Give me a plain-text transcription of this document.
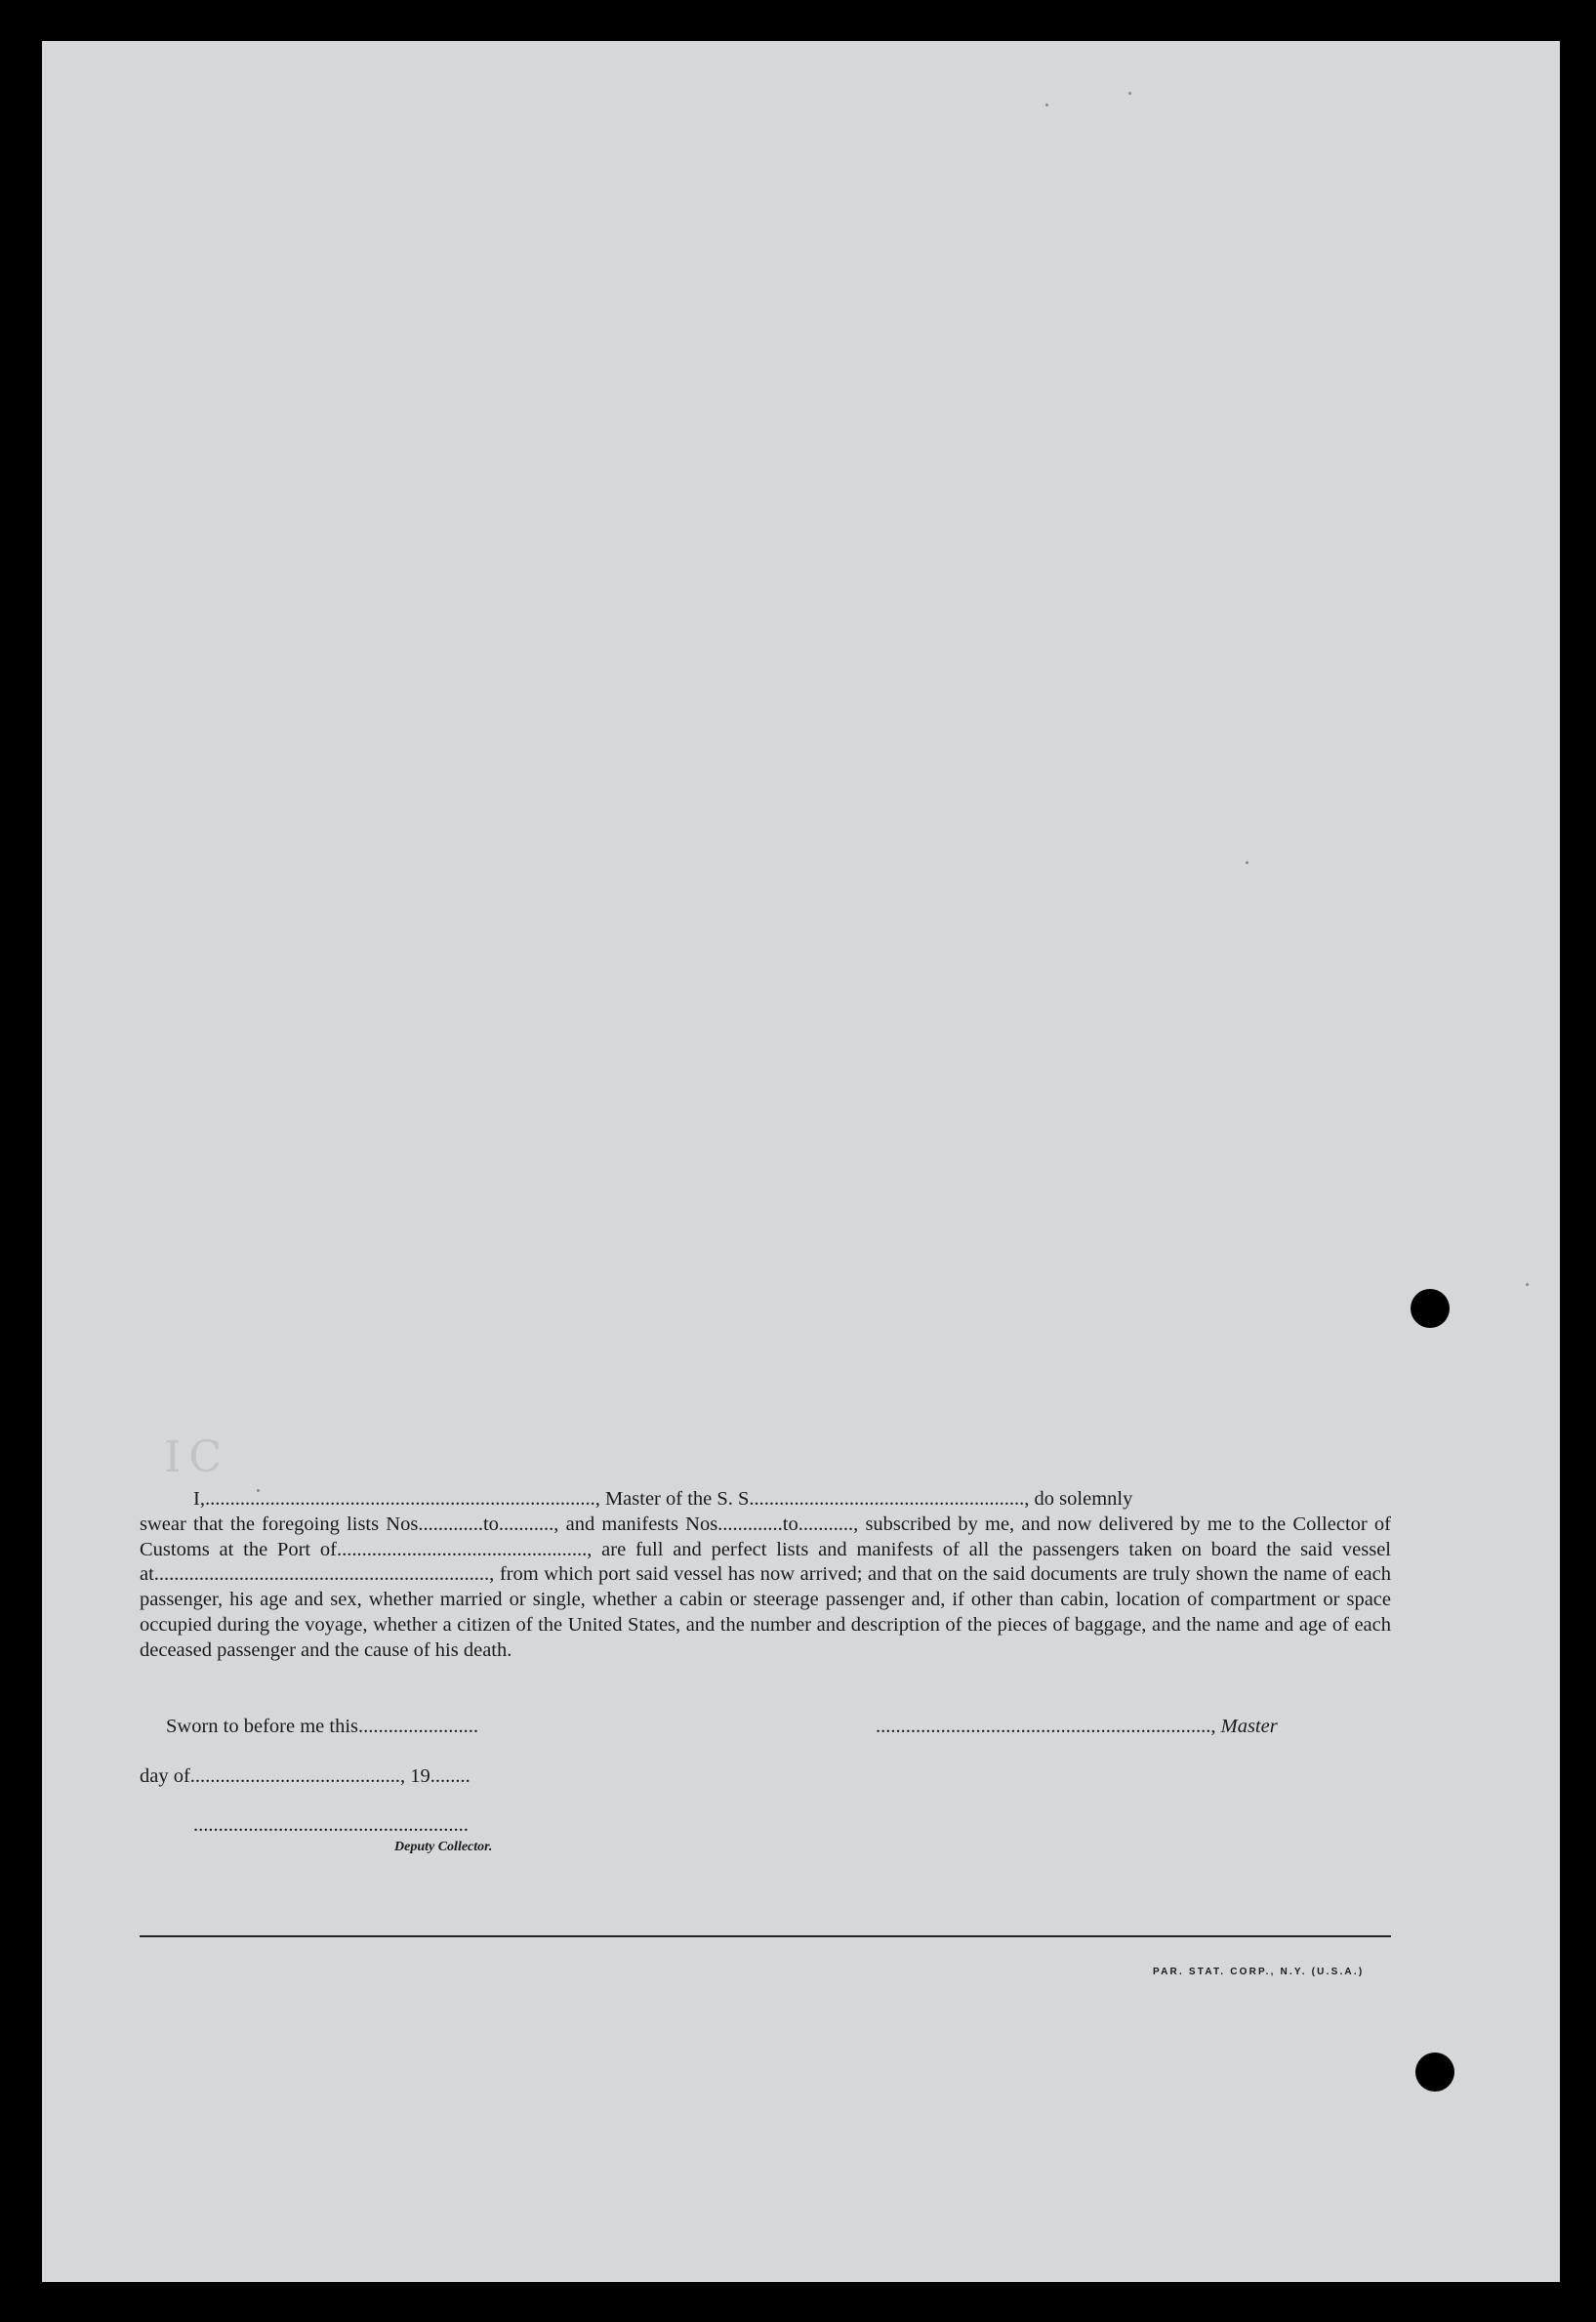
IC

I,.............................................................................., Master of the S. S......................................................., do solemnly

swear that the foregoing lists Nos.............to..........., and manifests Nos.............to..........., subscribed by me, and now delivered by me to the Collector of Customs at the Port of.................................................., are full and perfect lists and manifests of all the passengers taken on board the said vessel at..................................................................., from which port said vessel has now arrived; and that on the said documents are truly shown the name of each passenger, his age and sex, whether married or single, whether a cabin or steerage passenger and, if other than cabin, location of compartment or space occupied during the voyage, whether a citizen of the United States, and the number and description of the pieces of baggage, and the name and age of each deceased passenger and the cause of his death.

Sworn to before me this........................
day of.........................................., 19........
.......................................................
Deputy Collector.
..................................................................., Master
PAR. STAT. CORP., N.Y. (U.S.A.)
